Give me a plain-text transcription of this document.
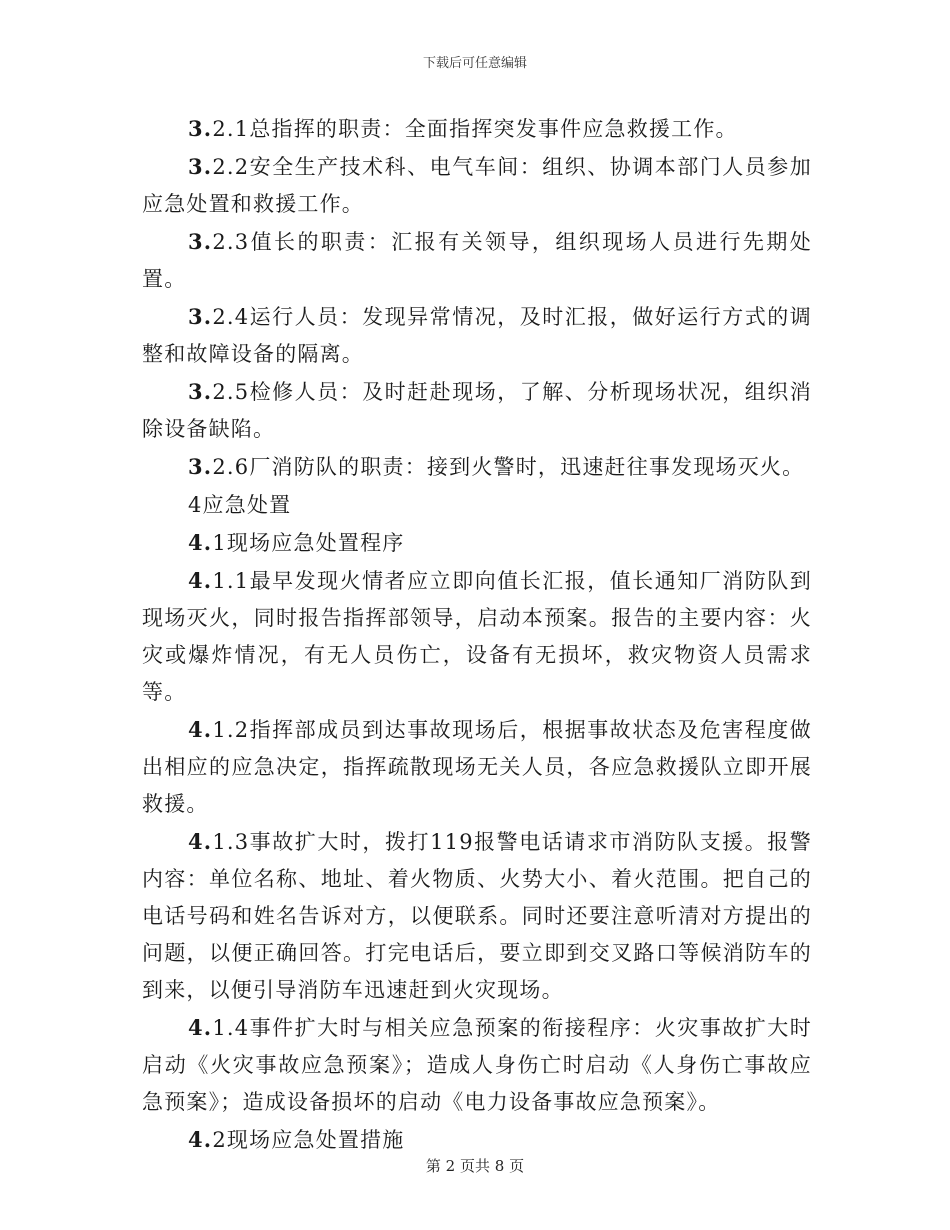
下载后可任意编辑

3.2.1总指挥的职责：全面指挥突发事件应急救援工作。

3.2.2安全生产技术科、电气车间：组织、协调本部门人员参加应急处置和救援工作。

3.2.3值长的职责：汇报有关领导，组织现场人员进行先期处置。

3.2.4运行人员：发现异常情况，及时汇报，做好运行方式的调整和故障设备的隔离。

3.2.5检修人员：及时赶赴现场，了解、分析现场状况，组织消除设备缺陷。

3.2.6厂消防队的职责：接到火警时，迅速赶往事发现场灭火。

4应急处置

4.1现场应急处置程序

4.1.1最早发现火情者应立即向值长汇报，值长通知厂消防队到现场灭火，同时报告指挥部领导，启动本预案。报告的主要内容：火灾或爆炸情况，有无人员伤亡，设备有无损坏，救灾物资人员需求等。

4.1.2指挥部成员到达事故现场后，根据事故状态及危害程度做出相应的应急决定，指挥疏散现场无关人员，各应急救援队立即开展救援。

4.1.3事故扩大时，拨打119报警电话请求市消防队支援。报警内容：单位名称、地址、着火物质、火势大小、着火范围。把自己的电话号码和姓名告诉对方，以便联系。同时还要注意听清对方提出的问题，以便正确回答。打完电话后，要立即到交叉路口等候消防车的到来，以便引导消防车迅速赶到火灾现场。

4.1.4事件扩大时与相关应急预案的衔接程序：火灾事故扩大时启动《火灾事故应急预案》；造成人身伤亡时启动《人身伤亡事故应急预案》；造成设备损坏的启动《电力设备事故应急预案》。

4.2现场应急处置措施

第 2 页共 8 页
